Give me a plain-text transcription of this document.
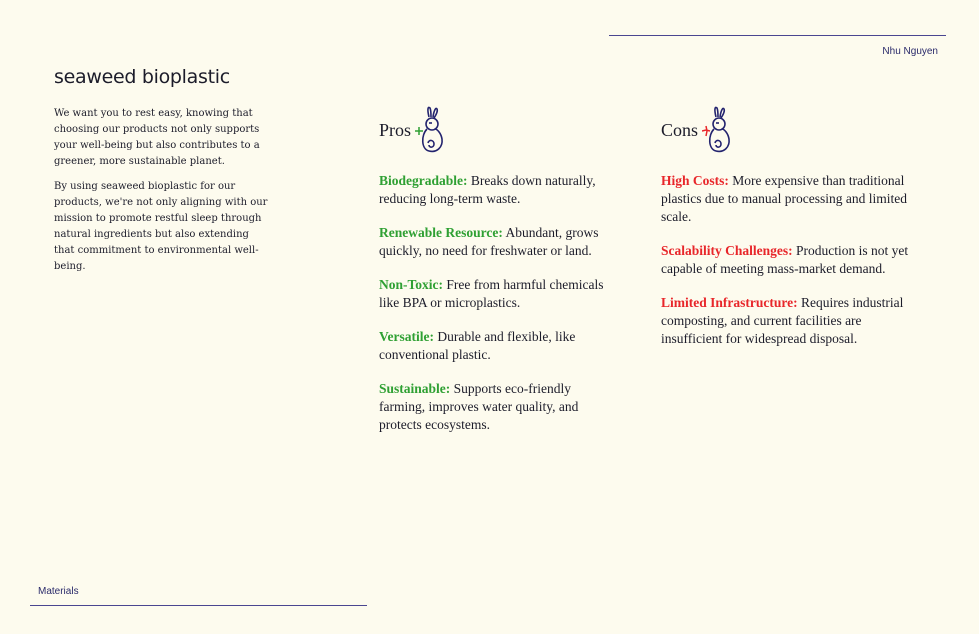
Nhu Nguyen
seaweed bioplastic

We want you to rest easy, knowing that choosing our products not only supports your well-being but also contributes to a greener, more sustainable planet.

By using seaweed bioplastic for our products, we're not only aligning with our mission to promote restful sleep through natural ingredients but also extending that commitment to environmental well-being.

Pros

Biodegradable: Breaks down naturally, reducing long-term waste.

Renewable Resource: Abundant, grows quickly, no need for freshwater or land.

Non-Toxic: Free from harmful chemicals like BPA or microplastics.

Versatile: Durable and flexible, like conventional plastic.

Sustainable: Supports eco-friendly farming, improves water quality, and protects ecosystems.

Cons

High Costs: More expensive than traditional plastics due to manual processing and limited scale.

Scalability Challenges: Production is not yet capable of meeting mass-market demand.

Limited Infrastructure: Requires industrial composting, and current facilities are insufficient for widespread disposal.

Materials
